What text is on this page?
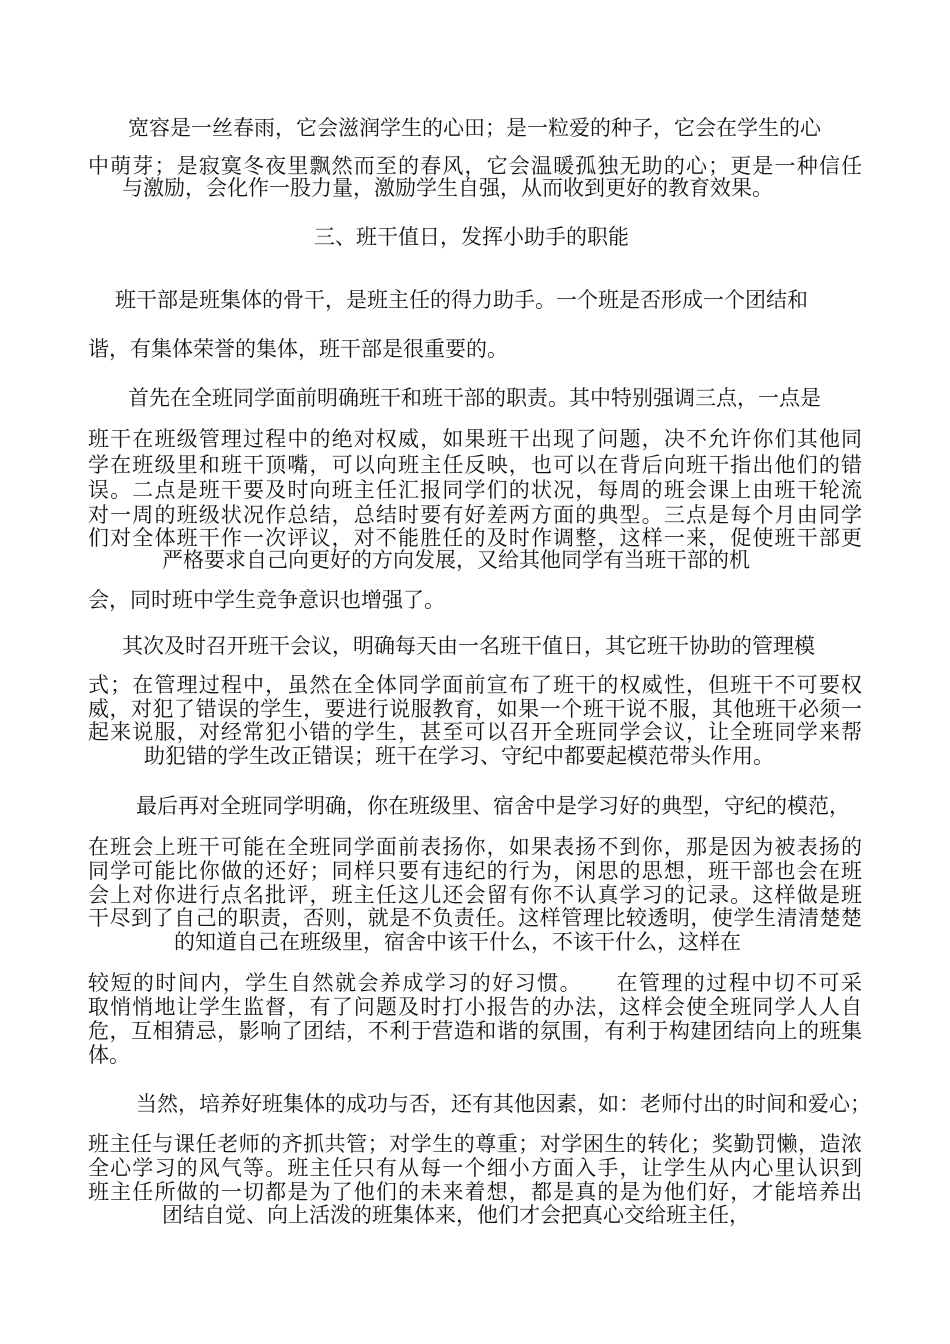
宽容是一丝春雨，它会滋润学生的心田；是一粒爱的种子，它会在学生的心

中萌芽；是寂寞冬夜里飘然而至的春风，它会温暖孤独无助的心；更是一种信任

与激励，会化作一股力量，激励学生自强，从而收到更好的教育效果。

三、班干值日，发挥小助手的职能

班干部是班集体的骨干，是班主任的得力助手。一个班是否形成一个团结和

谐，有集体荣誉的集体，班干部是很重要的。

首先在全班同学面前明确班干和班干部的职责。其中特别强调三点，一点是

班干在班级管理过程中的绝对权威，如果班干出现了问题，决不允许你们其他同

学在班级里和班干顶嘴，可以向班主任反映，也可以在背后向班干指出他们的错

误。二点是班干要及时向班主任汇报同学们的状况，每周的班会课上由班干轮流

对一周的班级状况作总结，总结时要有好差两方面的典型。三点是每个月由同学

们对全体班干作一次评议，对不能胜任的及时作调整，这样一来，促使班干部更

严格要求自己向更好的方向发展，又给其他同学有当班干部的机

会，同时班中学生竞争意识也增强了。

其次及时召开班干会议，明确每天由一名班干值日，其它班干协助的管理模

式；在管理过程中，虽然在全体同学面前宣布了班干的权威性，但班干不可要权

威，对犯了错误的学生，要进行说服教育，如果一个班干说不服，其他班干必须一

起来说服，对经常犯小错的学生，甚至可以召开全班同学会议，让全班同学来帮

助犯错的学生改正错误；班干在学习、守纪中都要起模范带头作用。

最后再对全班同学明确，你在班级里、宿舍中是学习好的典型，守纪的模范，

在班会上班干可能在全班同学面前表扬你，如果表扬不到你，那是因为被表扬的

同学可能比你做的还好；同样只要有违纪的行为，闲思的思想，班干部也会在班

会上对你进行点名批评，班主任这儿还会留有你不认真学习的记录。这样做是班

干尽到了自己的职责，否则，就是不负责任。这样管理比较透明，使学生清清楚楚

的知道自己在班级里，宿舍中该干什么，不该干什么，这样在

较短的时间内，学生自然就会养成学习的好习惯。　　在管理的过程中切不可采

取悄悄地让学生监督，有了问题及时打小报告的办法，这样会使全班同学人人自

危，互相猜忌，影响了团结，不利于营造和谐的氛围，有利于构建团结向上的班集

体。

当然，培养好班集体的成功与否，还有其他因素，如：老师付出的时间和爱心；

班主任与课任老师的齐抓共管；对学生的尊重；对学困生的转化；奖勤罚懒，造浓

全心学习的风气等。班主任只有从每一个细小方面入手，让学生从内心里认识到

班主任所做的一切都是为了他们的未来着想，都是真的是为他们好，才能培养出

团结自觉、向上活泼的班集体来，他们才会把真心交给班主任，
